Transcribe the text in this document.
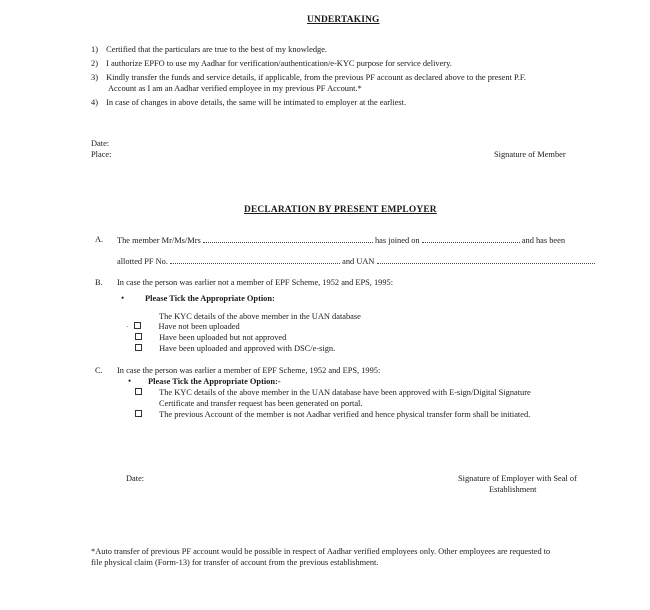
UNDERTAKING
1) Certified that the particulars are true to the best of my knowledge.
2) I authorize EPFO to use my Aadhar for verification/authentication/e-KYC purpose for service delivery.
3) Kindly transfer the funds and service details, if applicable, from the previous PF account as declared above to the present P.F.
Account as I am an Aadhar verified employee in my previous PF Account.*
4) In case of changes in above details, the same will be intimated to employer at the earliest.
Date:
Place:	Signature of Member
DECLARATION BY PRESENT EMPLOYER
A. The member Mr/Ms/Mrs	has joined on	and has been
allotted PF No.	and UAN
B. In case the person was earlier not a member of EPF Scheme, 1952 and EPS, 1995:
• Please Tick the Appropriate Option:
The KYC details of the above member in the UAN database
·	Have not been uploaded
Have been uploaded but not approved
Have been uploaded and approved with DSC/e-sign.
C. In case the person was earlier a member of EPF Scheme, 1952 and EPS, 1995:
• Please Tick the Appropriate Option:-
The KYC details of the above member in the UAN database have been approved with E-sign/Digital Signature
Certificate and transfer request has been generated on portal.
The previous Account of the member is not Aadhar verified and hence physical transfer form shall be initiated.
Date:	Signature of Employer with Seal of
Establishment
*Auto transfer of previous PF account would be possible in respect of Aadhar verified employees only. Other employees are requested to
file physical claim (Form-13) for transfer of account from the previous establishment.
